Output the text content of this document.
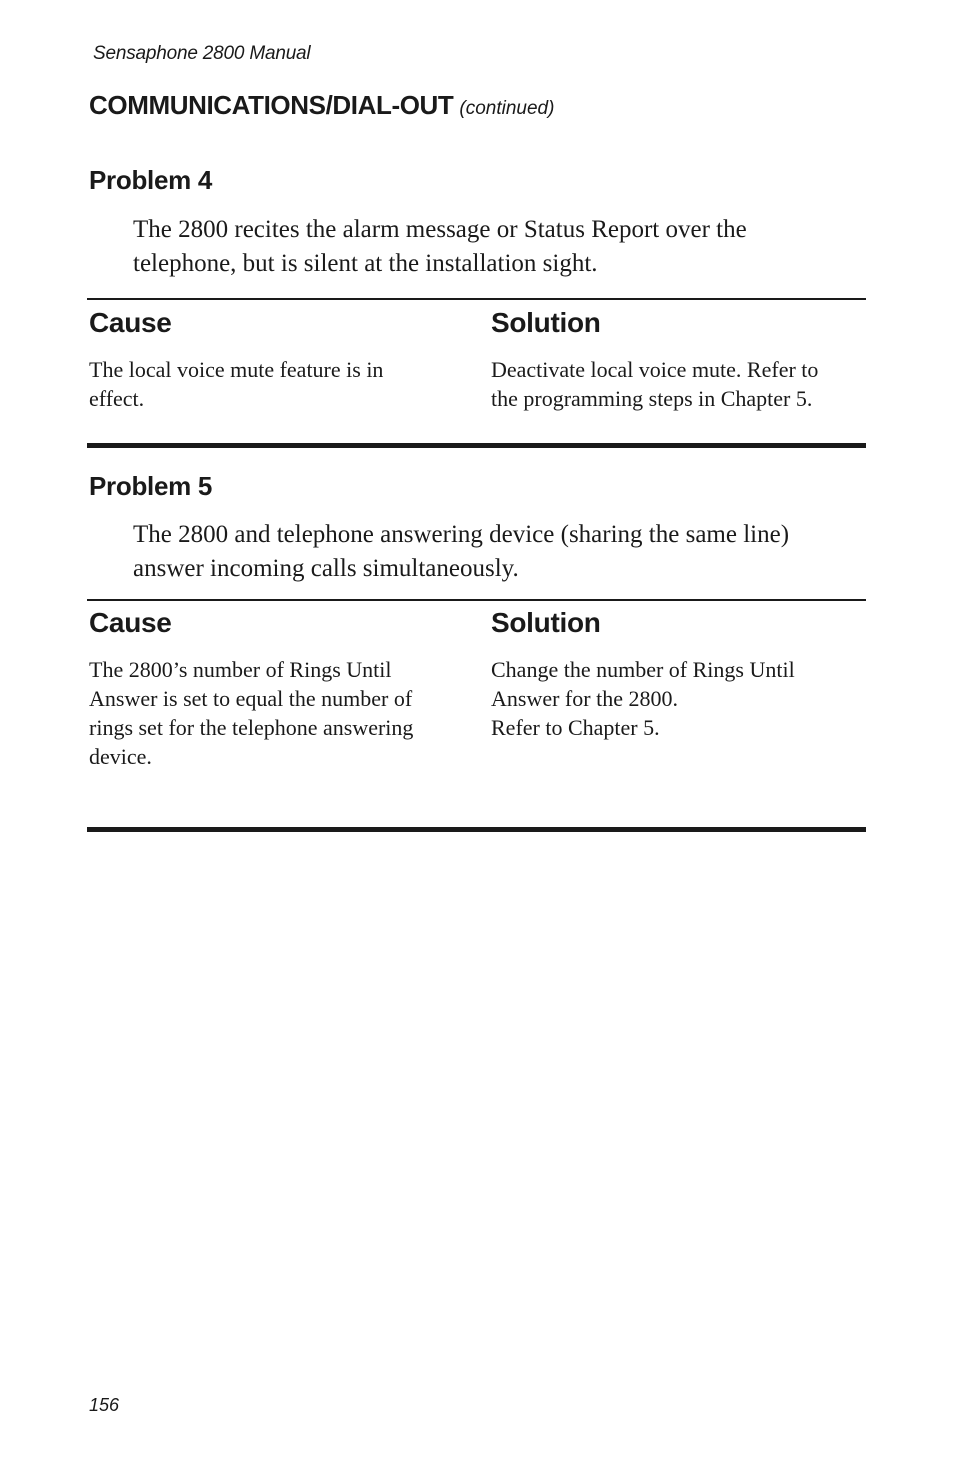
Sensaphone 2800 Manual
COMMUNICATIONS/DIAL-OUT (continued)
Problem 4
The 2800 recites the alarm message or Status Report over the telephone, but is silent at the installation sight.
Cause	Solution
The local voice mute feature is in
effect.
Deactivate local voice mute. Refer to
the programming steps in Chapter 5.
Problem 5
The 2800 and telephone answering device (sharing the same line) answer incoming calls simultaneously.
Cause	Solution
The 2800’s number of Rings Until
Answer is set to equal the number of
rings set for the telephone answering
device.
Change the number of Rings Until
Answer for the 2800.
Refer to Chapter 5.
156
